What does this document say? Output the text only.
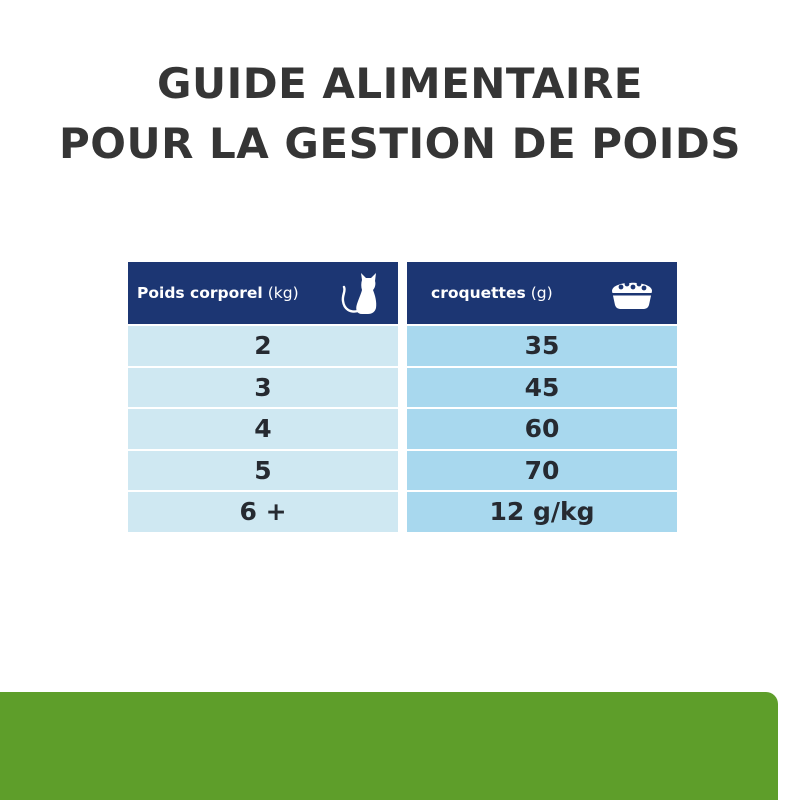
GUIDE ALIMENTAIRE
POUR LA GESTION DE POIDS
Poids corporel (kg)
2
3
4
5
6 +
croquettes (g)
35
45
60
70
12 g/kg
